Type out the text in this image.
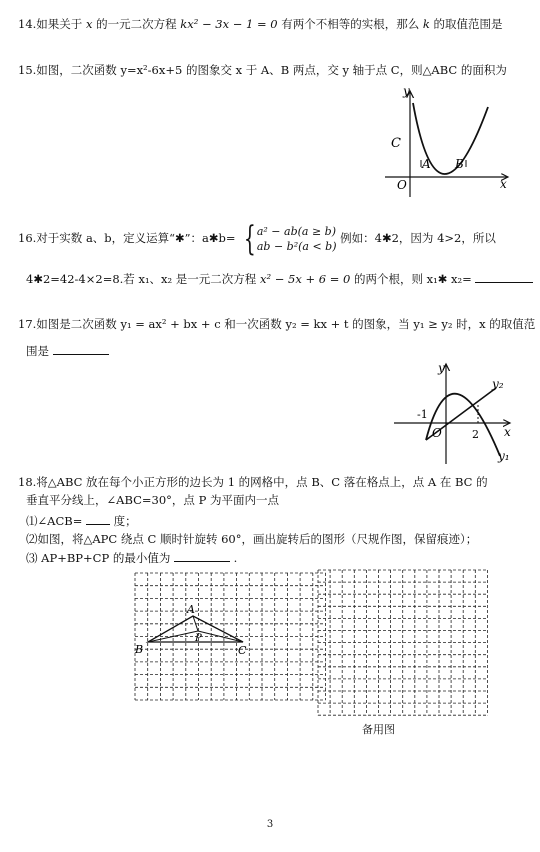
14.如果关于 x 的一元二次方程 kx² − 3x − 1 = 0 有两个不相等的实根，那么 k 的取值范围是
15.如图，二次函数 y=x²-6x+5 的图象交 x 于 A、B 两点，交 y 轴于点 C，则△ABC 的面积为
y
x
C
A B
O
16.对于实数 a、b，定义运算“✱”：a✱b= { a² − ab(a ≥ b)
ab − b²(a < b)
例如：4✱2，因为 4>2，所以
4✱2=42-4×2=8.若 x₁、x₂ 是一元二次方程 x² − 5x + 6 = 0 的两个根，则 x₁✱ x₂=
17.如图是二次函数 y₁ = ax² + bx + c 和一次函数 y₂ = kx + t 的图象，当 y₁ ≥ y₂ 时，x 的取值范
围是
-1
O	2
y
x
y₂
y₁
18.将△ABC 放在每个小正方形的边长为 1 的网格中，点 B、C 落在格点上，点 A 在 BC 的
垂直平分线上，∠ABC=30°，点 P 为平面内一点
⑴∠ACB=	度；
⑵如图，将△APC 绕点 C 顺时针旋转 60°，画出旋转后的图形（尺规作图，保留痕迹）；
⑶ AP+BP+CP 的最小值为	.
A
B	C
P
备用图
3
